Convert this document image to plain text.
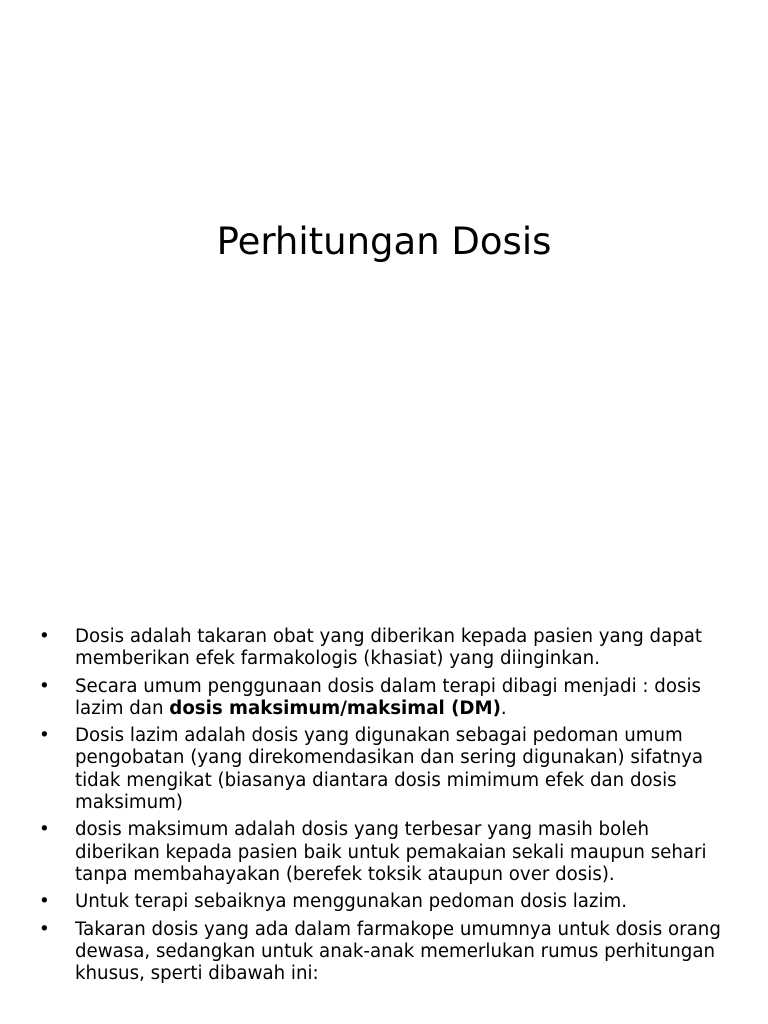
Perhitungan Dosis
• Dosis adalah takaran obat yang diberikan kepada pasien yang dapat memberikan efek farmakologis (khasiat) yang diinginkan.
• Secara umum penggunaan dosis dalam terapi dibagi menjadi : dosis lazim dan dosis maksimum/maksimal (DM).
• Dosis lazim adalah dosis yang digunakan sebagai pedoman umum pengobatan (yang direkomendasikan dan sering digunakan) sifatnya tidak mengikat (biasanya diantara dosis mimimum efek dan dosis maksimum)
• dosis maksimum adalah dosis yang terbesar yang masih boleh diberikan kepada pasien baik untuk pemakaian sekali maupun sehari tanpa membahayakan (berefek toksik ataupun over dosis).
• Untuk terapi sebaiknya menggunakan pedoman dosis lazim.
• Takaran dosis yang ada dalam farmakope umumnya untuk dosis orang dewasa, sedangkan untuk anak-anak memerlukan rumus perhitungan khusus, sperti dibawah ini:
